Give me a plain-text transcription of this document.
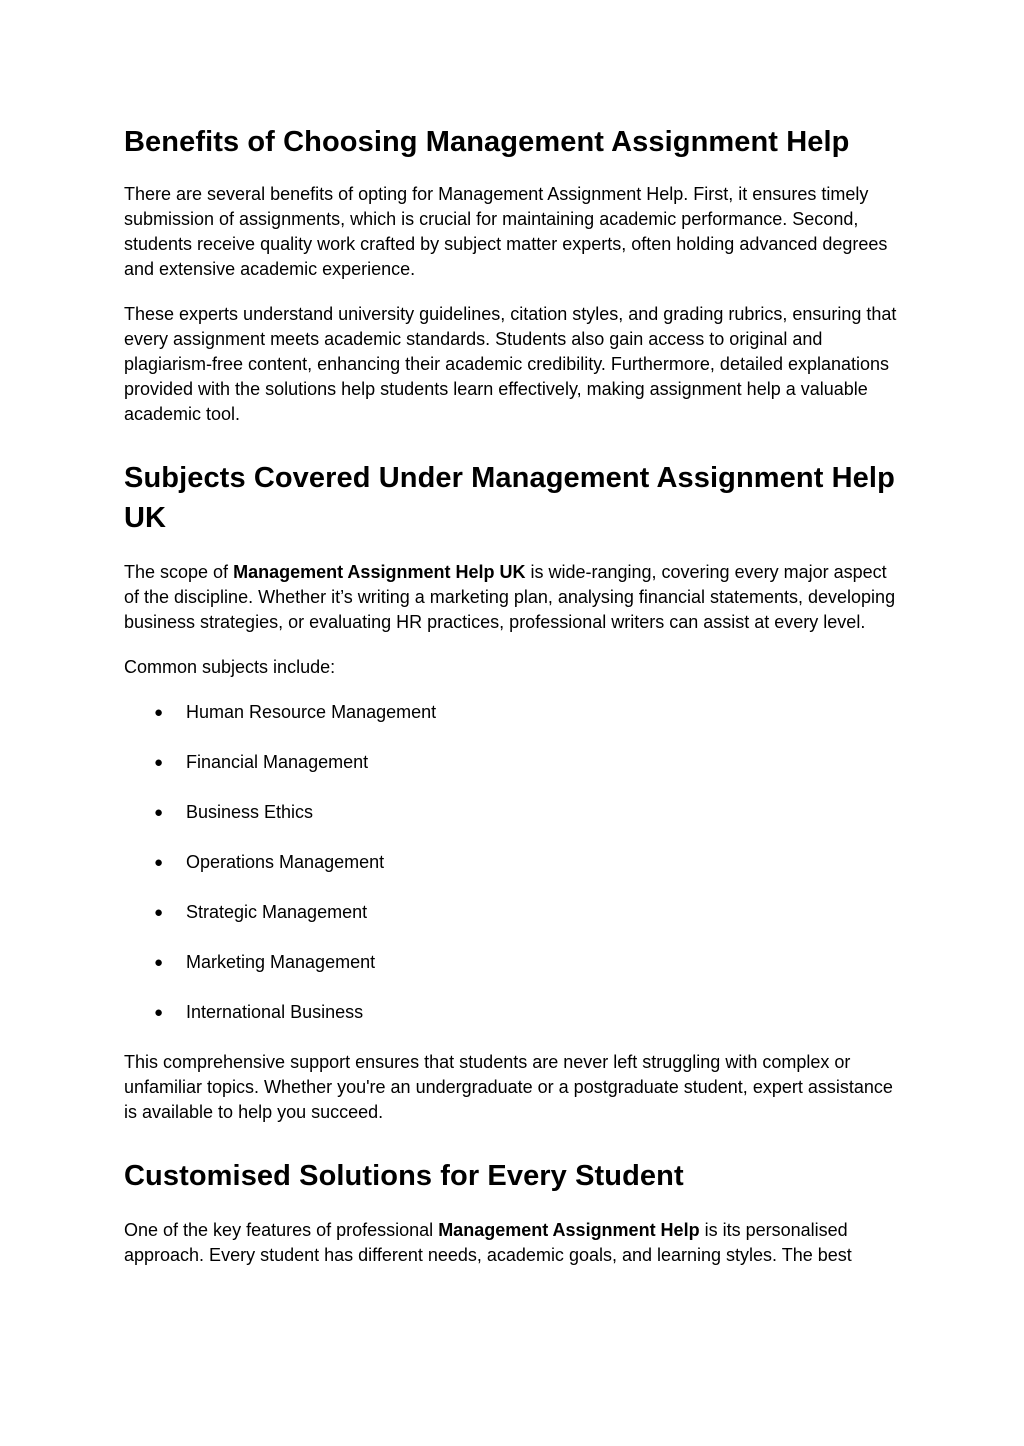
Benefits of Choosing Management Assignment Help

There are several benefits of opting for Management Assignment Help. First, it ensures timely submission of assignments, which is crucial for maintaining academic performance. Second, students receive quality work crafted by subject matter experts, often holding advanced degrees and extensive academic experience.

These experts understand university guidelines, citation styles, and grading rubrics, ensuring that every assignment meets academic standards. Students also gain access to original and plagiarism-free content, enhancing their academic credibility. Furthermore, detailed explanations provided with the solutions help students learn effectively, making assignment help a valuable academic tool.

Subjects Covered Under Management Assignment Help UK

The scope of Management Assignment Help UK is wide-ranging, covering every major aspect of the discipline. Whether it’s writing a marketing plan, analysing financial statements, developing business strategies, or evaluating HR practices, professional writers can assist at every level.

Common subjects include:

● Human Resource Management
● Financial Management
● Business Ethics
● Operations Management
● Strategic Management
● Marketing Management
● International Business

This comprehensive support ensures that students are never left struggling with complex or unfamiliar topics. Whether you're an undergraduate or a postgraduate student, expert assistance is available to help you succeed.

Customised Solutions for Every Student

One of the key features of professional Management Assignment Help is its personalised approach. Every student has different needs, academic goals, and learning styles. The best
